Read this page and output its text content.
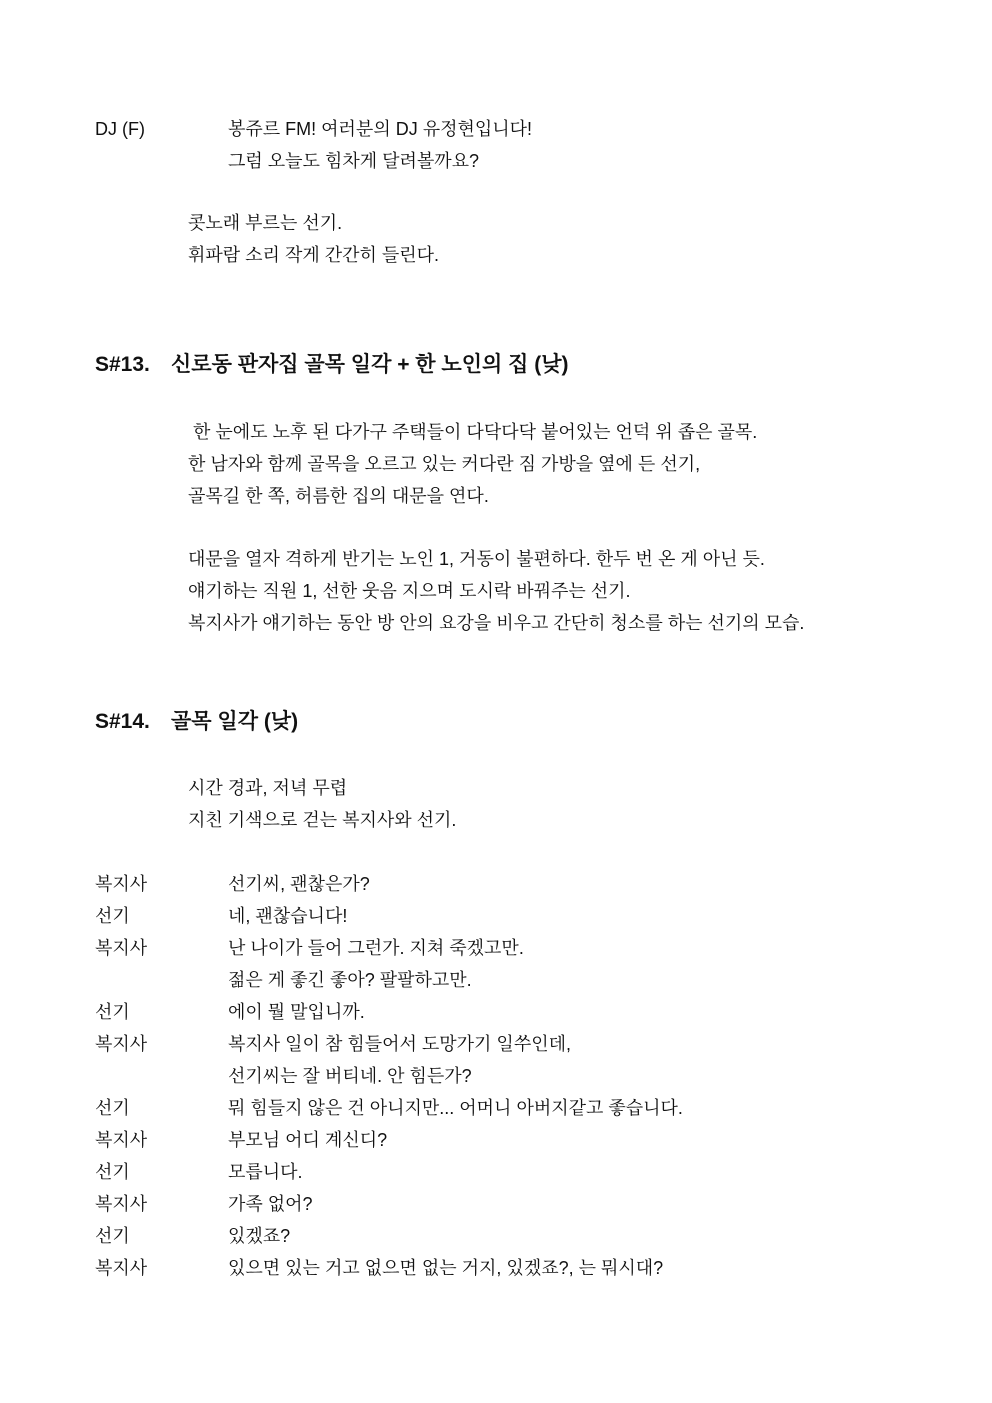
DJ (F)	봉쥬르 FM! 여러분의 DJ 유정현입니다!
그럼 오늘도 힘차게 달려볼까요?
콧노래 부르는 선기.
휘파람 소리 작게 간간히 들린다.
S#13. 신로동 판자집 골목 일각 + 한 노인의 집 (낮)
한 눈에도 노후 된 다가구 주택들이 다닥다닥 붙어있는 언덕 위 좁은 골목.
한 남자와 함께 골목을 오르고 있는 커다란 짐 가방을 옆에 든 선기,
골목길 한 쪽, 허름한 집의 대문을 연다.
대문을 열자 격하게 반기는 노인 1, 거동이 불편하다. 한두 번 온 게 아닌 듯.
얘기하는 직원 1, 선한 웃음 지으며 도시락 바꿔주는 선기.
복지사가 얘기하는 동안 방 안의 요강을 비우고 간단히 청소를 하는 선기의 모습.
S#14. 골목 일각 (낮)
시간 경과, 저녁 무렵
지친 기색으로 걷는 복지사와 선기.
복지사	선기씨, 괜찮은가?
선기	네, 괜찮습니다!
복지사	난 나이가 들어 그런가. 지쳐 죽겠고만.
젊은 게 좋긴 좋아? 팔팔하고만.
선기	에이 뭘 말입니까.
복지사	복지사 일이 참 힘들어서 도망가기 일쑤인데,
선기씨는 잘 버티네. 안 힘든가?
선기	뭐 힘들지 않은 건 아니지만... 어머니 아버지같고 좋습니다.
복지사	부모님 어디 계신디?
선기	모릅니다.
복지사	가족 없어?
선기	있겠죠?
복지사	있으면 있는 거고 없으면 없는 거지, 있겠죠?, 는 뭐시대?
